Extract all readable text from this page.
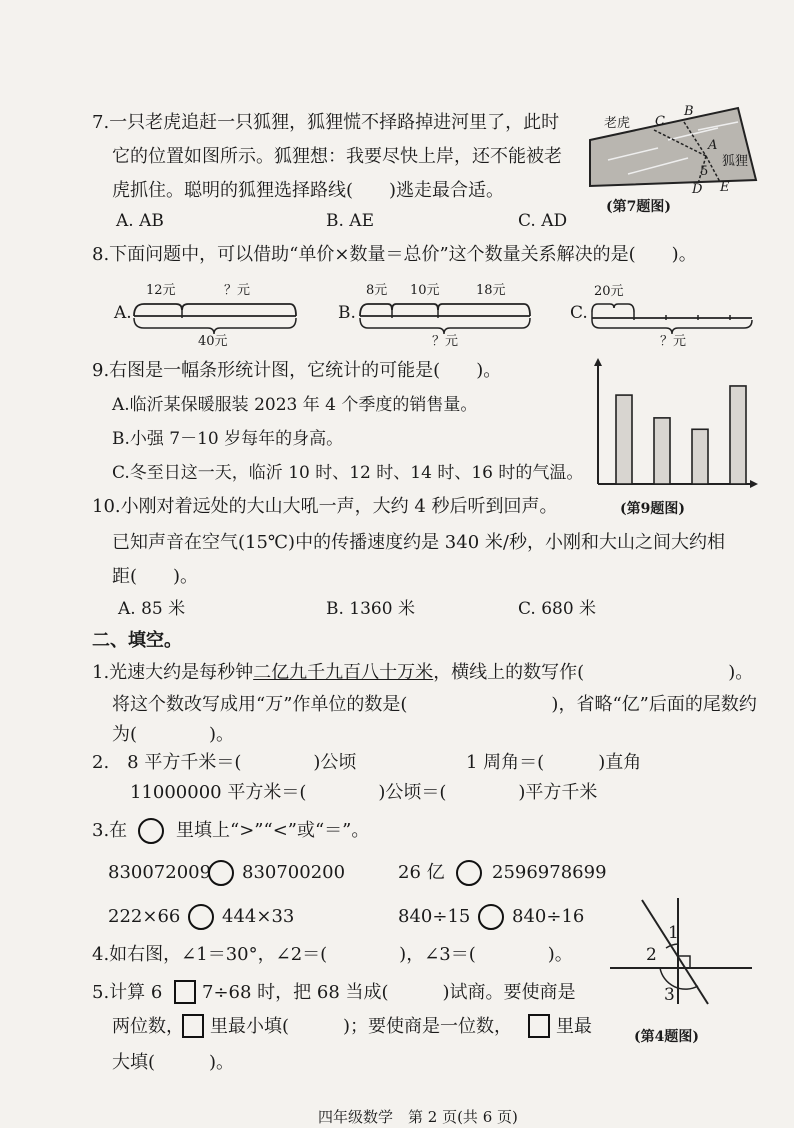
7.一只老虎追赶一只狐狸，狐狸慌不择路掉进河里了，此时
它的位置如图所示。狐狸想：我要尽快上岸，还不能被老
虎抓住。聪明的狐狸选择路线(　　)逃走最合适。
A. AB	B. AE	C. AD
老虎
狐狸
C
B
A
5
D E
(第7题图)
8.下面问题中，可以借助“单价×数量＝总价”这个数量关系解决的是(　　)。
A.
12元	？元
40元
B.
8元 10元	18元
？元
C.
20元
？元
9.右图是一幅条形统计图，它统计的可能是(　　)。
A.临沂某保暖服装 2023 年 4 个季度的销售量。
B.小强 7－10 岁每年的身高。
C.冬至日这一天，临沂 10 时、12 时、14 时、16 时的气温。
(第9题图)
10.小刚对着远处的大山大吼一声，大约 4 秒后听到回声。
已知声音在空气(15℃)中的传播速度约是 340 米/秒，小刚和大山之间大约相
距(　　)。
A. 85 米	B. 1360 米	C. 680 米
二、填空。
1.光速大约是每秒钟二亿九千九百八十万米，横线上的数写作(　　　　　　　　)。
将这个数改写成用“万”作单位的数是(　　　　　　　　)，省略“亿”后面的尾数约
为(　　　　)。
2.　8 平方千米＝(　　　　)公顷	1 周角＝(　　　)直角
11000000 平方米＝(　　　　)公顷＝(　　　　)平方千米
3.在	里填上“>”“<”或“＝”。
830072009 830700200	26 亿	2596978699
222×66 444×33	840÷15 840÷16
4.如右图，∠1＝30°，∠2＝(　　　　)，∠3＝(　　　　)。
1
2
3
(第4题图)
5.计算 6 7÷68 时，把 68 当成(　　　)试商。要使商是
两位数， 里最小填(　　　)；要使商是一位数， 里最
大填(　　　)。
四年级数学　第 2 页(共 6 页)
